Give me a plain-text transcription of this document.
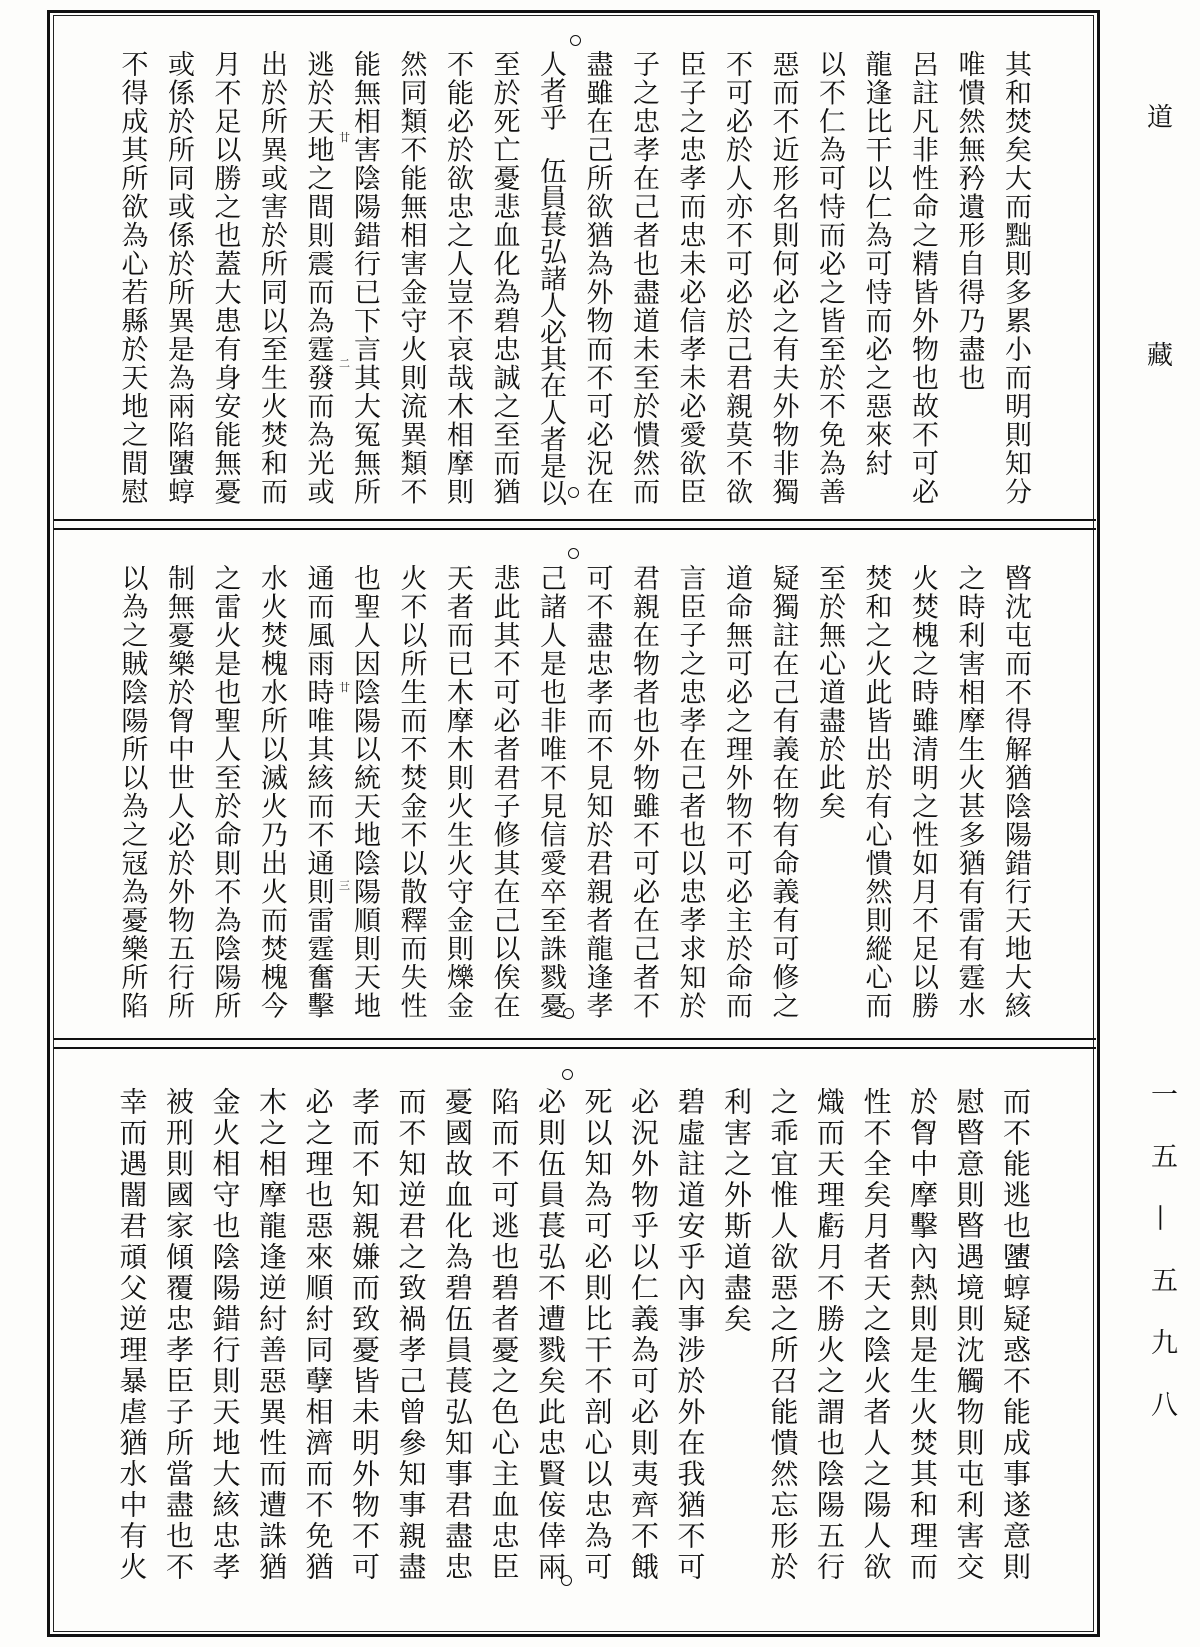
其和焚矣大而黜則多累小而明則知分
唯憒然無矜遺形自得乃盡也
呂註凡非性命之精皆外物也故不可必
龍逢比干以仁為可恃而必之惡來紂
以不仁為可恃而必之皆至於不免為善
惡而不近形名則何必之有夫外物非獨
不可必於人亦不可必於己君親莫不欲
臣子之忠孝而忠未必信孝未必愛欲臣
子之忠孝在己者也盡道未至於憒然而
盡雖在己所欲猶為外物而不可必況在
人者乎　伍員萇弘諸人必其在人者是以
至於死亡憂悲血化為碧忠誠之至而猶
不能必於欲忠之人豈不哀哉木相摩則
然同類不能無相害金守火則流異類不
能無相害陰陽錯行已下言其大冤無所
逃於天地之間則震而為霆發而為光或
出於所異或害於所同以至生火焚和而
月不足以勝之也蓋大患有身安能無憂
或係於所同或係於所異是為兩陷螴蜳
不得成其所欲為心若縣於天地之間慰	廿
二
暋沈屯而不得解猶陰陽錯行天地大絯
之時利害相摩生火甚多猶有雷有霆水
火焚槐之時雖清明之性如月不足以勝
焚和之火此皆出於有心憒然則縱心而
至於無心道盡於此矣
疑獨註在己有義在物有命義有可修之
道命無可必之理外物不可必主於命而
言臣子之忠孝在己者也以忠孝求知於
君親在物者也外物雖不可必在己者不
可不盡忠孝而不見知於君親者龍逢孝
己諸人是也非唯不見信愛卒至誅戮憂
悲此其不可必者君子修其在己以俟在
天者而已木摩木則火生火守金則爍金
火不以所生而不焚金不以散釋而失性
也聖人因陰陽以統天地陰陽順則天地
通而風雨時唯其絯而不通則雷霆奮擊
水火焚槐水所以滅火乃出火而焚槐今
之雷火是也聖人至於命則不為陰陽所
制無憂樂於胷中世人必於外物五行所
以為之賊陰陽所以為之冦為憂樂所陷	廿
三
而不能逃也螴蜳疑惑不能成事遂意則
慰暋意則暋遇境則沈觸物則屯利害交
於胷中摩擊內熱則是生火焚其和理而
性不全矣月者天之陰火者人之陽人欲
熾而天理虧月不勝火之謂也陰陽五行
之乖宜惟人欲惡之所召能憒然忘形於
利害之外斯道盡矣
碧虛註道安乎內事涉於外在我猶不可
必況外物乎以仁義為可必則夷齊不餓
死以知為可必則比干不剖心以忠為可
必則伍員萇弘不遭戮矣此忠賢侫倖兩
陷而不可逃也碧者憂之色心主血忠臣
憂國故血化為碧伍員萇弘知事君盡忠
而不知逆君之致禍孝己曾參知事親盡
孝而不知親嫌而致憂皆未明外物不可
必之理也惡來順紂同孽相濟而不免猶
木之相摩龍逢逆紂善惡異性而遭誅猶
金火相守也陰陽錯行則天地大絯忠孝
被刑則國家傾覆忠孝臣子所當盡也不
幸而遇闇君頑父逆理暴虐猶水中有火
道
藏
一五—五九八
